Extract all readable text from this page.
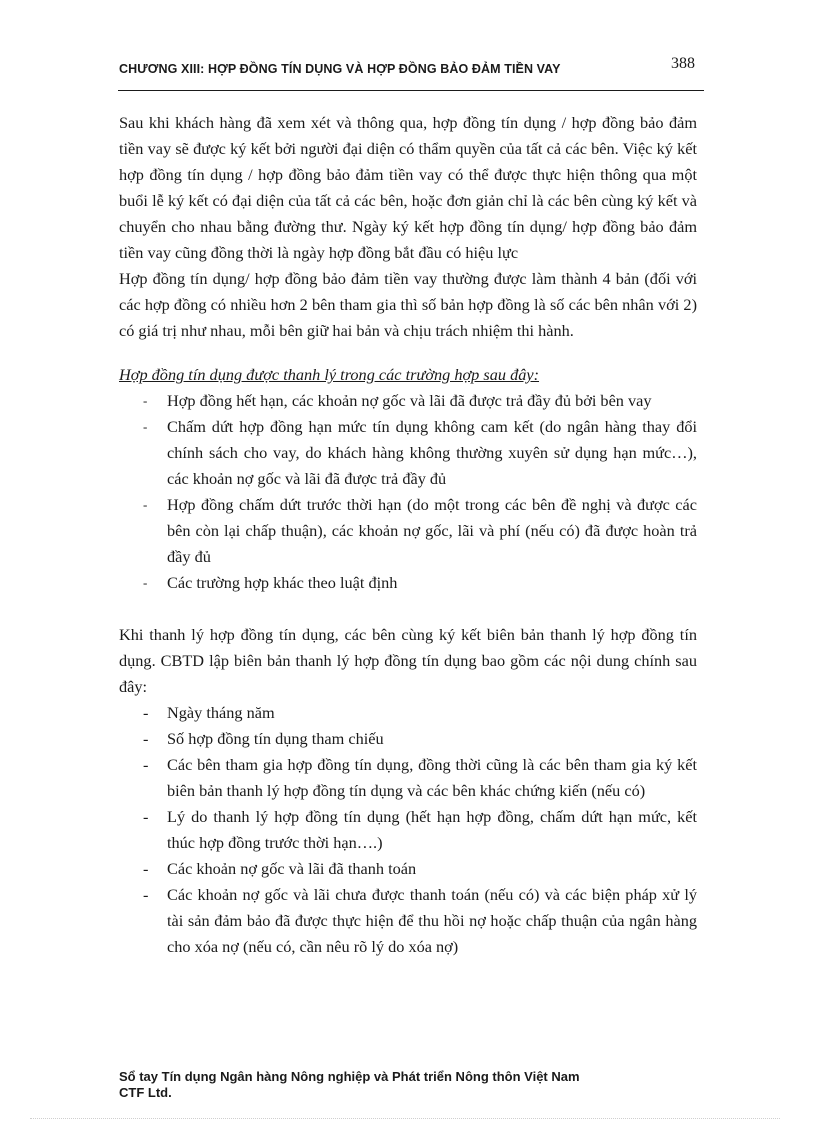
CHƯƠNG XIII: HỢP ĐỒNG TÍN DỤNG VÀ HỢP ĐỒNG BẢO ĐẢM TIỀN VAY	388

Sau khi khách hàng đã xem xét và thông qua, hợp đồng tín dụng / hợp đồng bảo đảm tiền vay sẽ được ký kết bởi người đại diện có thẩm quyền của tất cả các bên. Việc ký kết hợp đồng tín dụng / hợp đồng bảo đảm tiền vay có thể được thực hiện thông qua một buổi lễ ký kết có đại diện của tất cả các bên, hoặc đơn giản chỉ là các bên cùng ký kết và chuyển cho nhau bằng đường thư. Ngày ký kết hợp đồng tín dụng/ hợp đồng bảo đảm tiền vay cũng đồng thời là ngày hợp đồng bắt đầu có hiệu lực

Hợp đồng tín dụng/ hợp đồng bảo đảm tiền vay thường được làm thành 4 bản (đối với các hợp đồng có nhiều hơn 2 bên tham gia thì số bản hợp đồng là số các bên nhân với 2) có giá trị như nhau, mỗi bên giữ hai bản và chịu trách nhiệm thi hành.

Hợp đồng tín dụng được thanh lý trong các trường hợp sau đây:

-	Hợp đồng hết hạn, các khoản nợ gốc và lãi đã được trả đầy đủ bởi bên vay
-	Chấm dứt hợp đồng hạn mức tín dụng không cam kết (do ngân hàng thay đổi chính sách cho vay, do khách hàng không thường xuyên sử dụng hạn mức…), các khoản nợ gốc và lãi đã được trả đầy đủ
-	Hợp đồng chấm dứt trước thời hạn (do một trong các bên đề nghị và được các bên còn lại chấp thuận), các khoản nợ gốc, lãi và phí (nếu có) đã được hoàn trả đầy đủ
-	Các trường hợp khác theo luật định

Khi thanh lý hợp đồng tín dụng, các bên cùng ký kết biên bản thanh lý hợp đồng tín dụng. CBTD lập biên bản thanh lý hợp đồng tín dụng bao gồm các nội dung chính sau đây:

-	Ngày tháng năm
-	Số hợp đồng tín dụng tham chiếu
-	Các bên tham gia hợp đồng tín dụng, đồng thời cũng là các bên tham gia ký kết biên bản thanh lý hợp đồng tín dụng và các bên khác chứng kiến (nếu có)
-	Lý do thanh lý hợp đồng tín dụng (hết hạn hợp đồng, chấm dứt hạn mức, kết thúc hợp đồng trước thời hạn….)
-	Các khoản nợ gốc và lãi đã thanh toán
-	Các khoản nợ gốc và lãi chưa được thanh toán (nếu có) và các biện pháp xử lý tài sản đảm bảo đã được thực hiện để thu hồi nợ hoặc chấp thuận của ngân hàng cho xóa nợ (nếu có, cần nêu rõ lý do xóa nợ)
Sổ tay Tín dụng Ngân hàng Nông nghiệp và Phát triển Nông thôn Việt Nam
CTF Ltd.
